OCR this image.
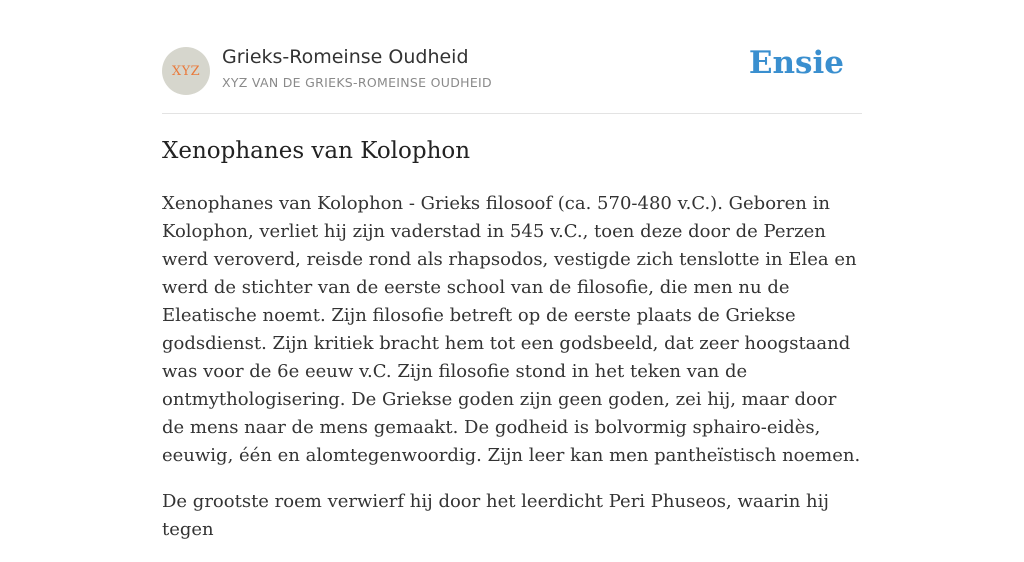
XYZ
Grieks-Romeinse Oudheid
XYZ VAN DE GRIEKS-ROMEINSE OUDHEID
Ensie
Xenophanes van Kolophon

Xenophanes van Kolophon - Grieks filosoof (ca. 570-480 v.C.). Geboren in Kolophon, verliet hij zijn vaderstad in 545 v.C., toen deze door de Perzen werd veroverd, reisde rond als rhapsodos, vestigde zich tenslotte in Elea en werd de stichter van de eerste school van de filosofie, die men nu de Eleatische noemt. Zijn filosofie betreft op de eerste plaats de Griekse godsdienst. Zijn kritiek bracht hem tot een godsbeeld, dat zeer hoogstaand was voor de 6e eeuw v.C. Zijn filosofie stond in het teken van de ontmythologisering. De Griekse goden zijn geen goden, zei hij, maar door de mens naar de mens gemaakt. De godheid is bolvormig sphairo-eidès, eeuwig, één en alomtegenwoordig. Zijn leer kan men pantheïstisch noemen.

De grootste roem verwierf hij door het leerdicht Peri Phuseos, waarin hij tegen
